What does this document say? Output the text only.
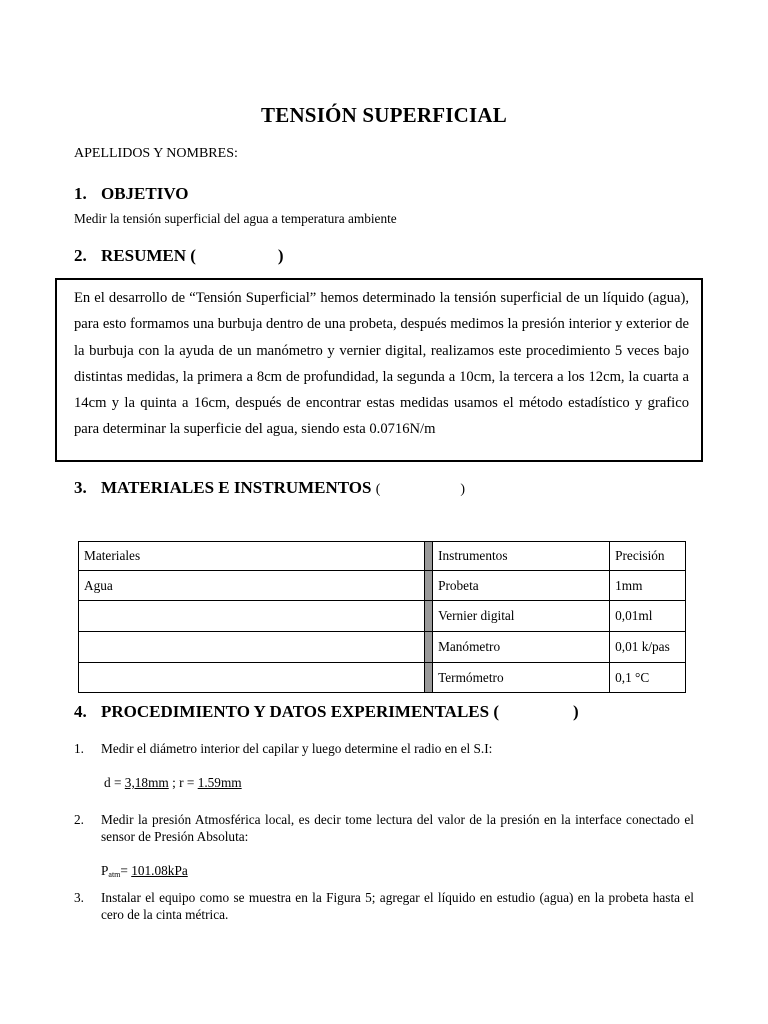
TENSIÓN SUPERFICIAL
APELLIDOS Y NOMBRES:
1. OBJETIVO
Medir la tensión superficial del agua a temperatura ambiente
2. RESUMEN (	)

En el desarrollo de “Tensión Superficial” hemos determinado la tensión superficial de un líquido (agua), para esto formamos una burbuja dentro de una probeta, después medimos la presión interior y exterior de la burbuja con la ayuda de un manómetro y vernier digital, realizamos este procedimiento 5 veces bajo distintas medidas, la primera a 8cm de profundidad, la segunda a 10cm, la tercera a los 12cm, la cuarta a 14cm y la quinta a 16cm, después de encontrar estas medidas usamos el método estadístico y grafico para determinar la superficie del agua, siendo esta 0.0716N/m

3. MATERIALES E INSTRUMENTOS (	)
Materiales		Instrumentos	Precisión
Agua		Probeta	1mm
		Vernier digital	0,01ml
		Manómetro	0,01 k/pas
		Termómetro	0,1 °C
4. PROCEDIMIENTO Y DATOS EXPERIMENTALES (	)
1. Medir el diámetro interior del capilar y luego determine el radio en el S.I:
d = 3,18mm ; r = 1.59mm
2. Medir la presión Atmosférica local, es decir tome lectura del valor de la presión en la interface conectado el sensor de Presión Absoluta:
$P_{atm}= 101.08kPa$
3. Instalar el equipo como se muestra en la Figura 5; agregar el líquido en estudio (agua) en la probeta hasta el cero de la cinta métrica.
